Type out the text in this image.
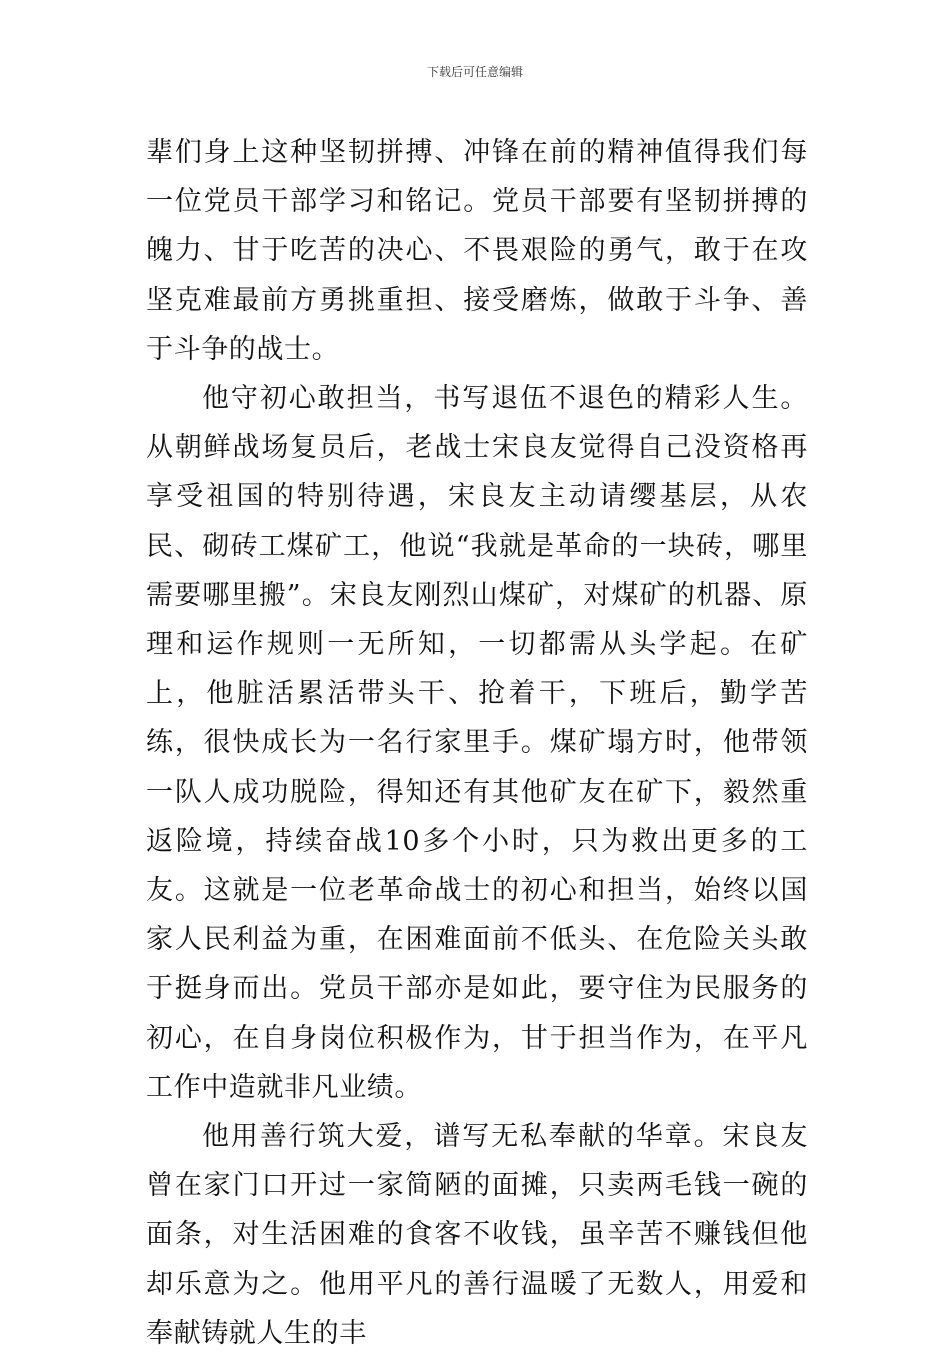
下载后可任意编辑

辈们身上这种坚韧拼搏、冲锋在前的精神值得我们每一位党员干部学习和铭记。党员干部要有坚韧拼搏的魄力、甘于吃苦的决心、不畏艰险的勇气，敢于在攻坚克难最前方勇挑重担、接受磨炼，做敢于斗争、善于斗争的战士。

他守初心敢担当，书写退伍不退色的精彩人生。从朝鲜战场复员后，老战士宋良友觉得自己没资格再享受祖国的特别待遇，宋良友主动请缨基层，从农民、砌砖工煤矿工，他说“我就是革命的一块砖，哪里需要哪里搬”。宋良友刚烈山煤矿，对煤矿的机器、原理和运作规则一无所知，一切都需从头学起。在矿上，他脏活累活带头干、抢着干，下班后，勤学苦练，很快成长为一名行家里手。煤矿塌方时，他带领一队人成功脱险，得知还有其他矿友在矿下，毅然重返险境，持续奋战10多个小时，只为救出更多的工友。这就是一位老革命战士的初心和担当，始终以国家人民利益为重，在困难面前不低头、在危险关头敢于挺身而出。党员干部亦是如此，要守住为民服务的初心，在自身岗位积极作为，甘于担当作为，在平凡工作中造就非凡业绩。

他用善行筑大爱，谱写无私奉献的华章。宋良友曾在家门口开过一家简陋的面摊，只卖两毛钱一碗的面条，对生活困难的食客不收钱，虽辛苦不赚钱但他却乐意为之。他用平凡的善行温暖了无数人，用爱和奉献铸就人生的丰
